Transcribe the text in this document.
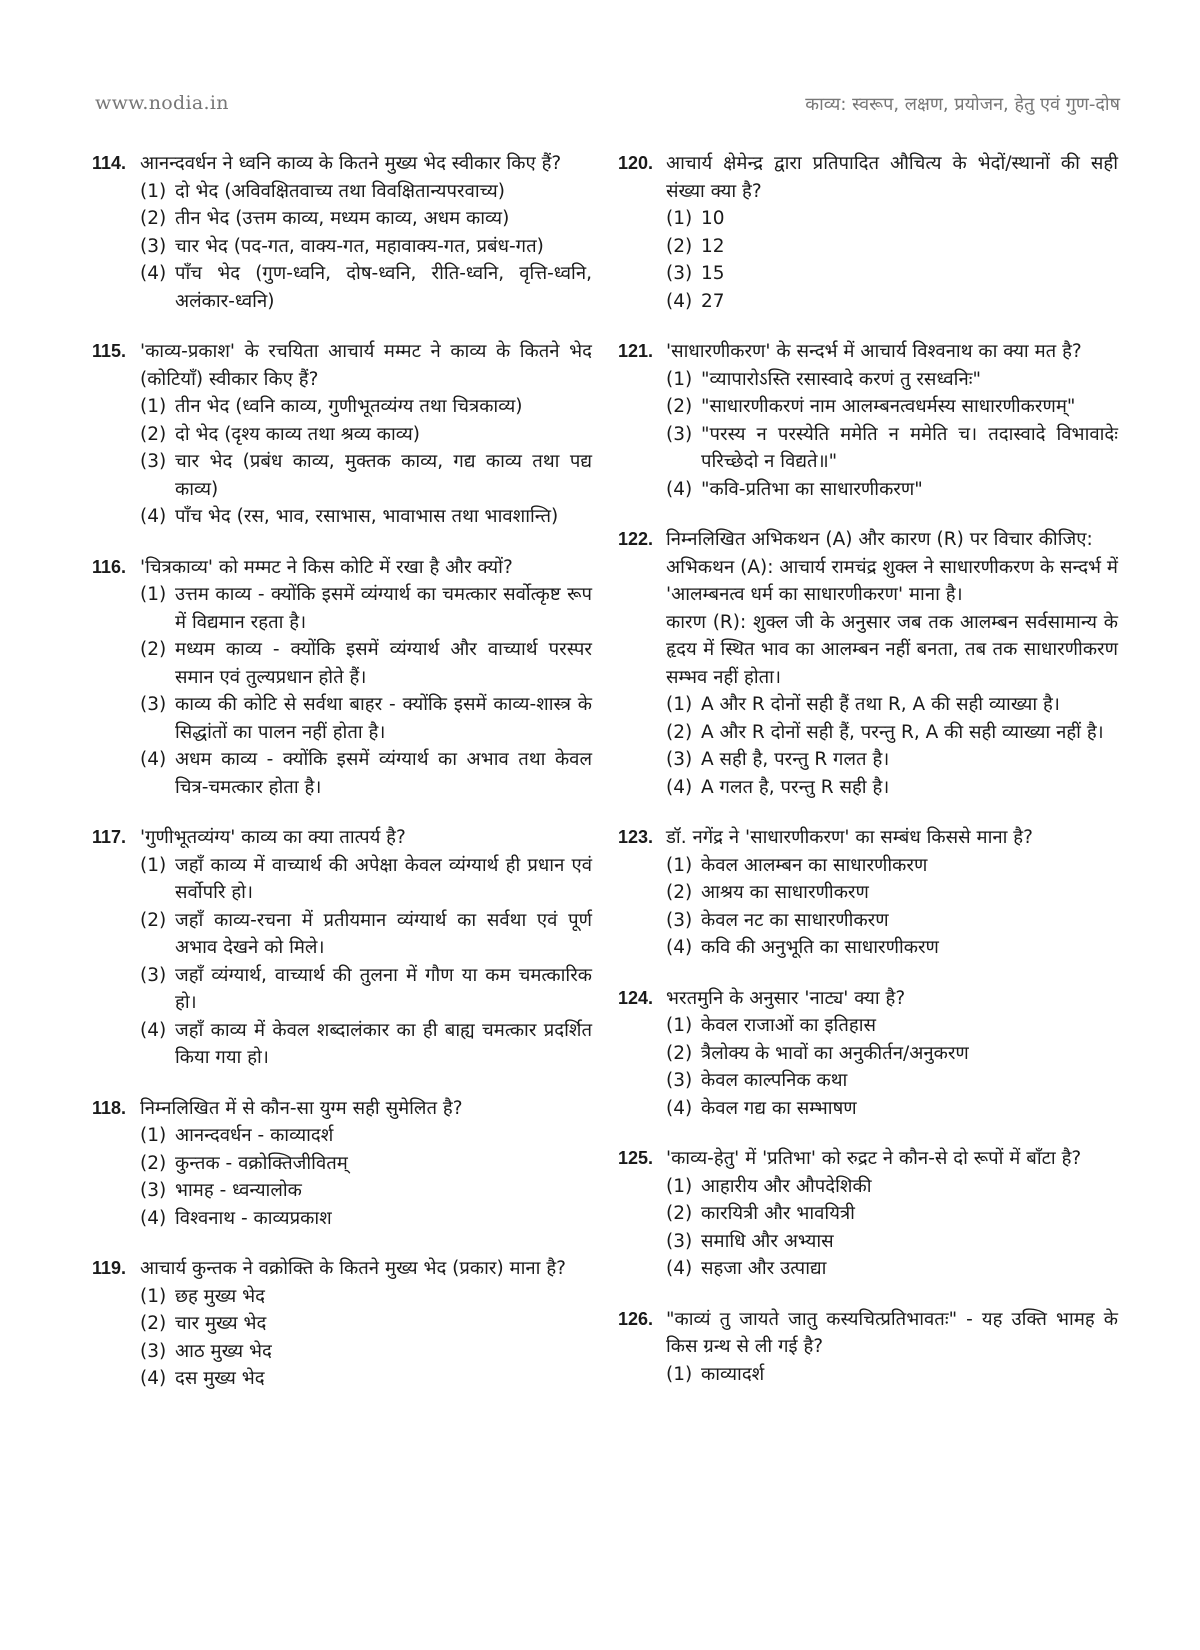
www.nodia.in	काव्य: स्वरूप, लक्षण, प्रयोजन, हेतु एवं गुण-दोष
114. आनन्दवर्धन ने ध्वनि काव्य के कितने मुख्य भेद स्वीकार किए हैं?
(1) दो भेद (अविवक्षितवाच्य तथा विवक्षितान्यपरवाच्य)
(2) तीन भेद (उत्तम काव्य, मध्यम काव्य, अधम काव्य)
(3) चार भेद (पद-गत, वाक्य-गत, महावाक्य-गत, प्रबंध-गत)
(4) पाँच भेद (गुण-ध्वनि, दोष-ध्वनि, रीति-ध्वनि, वृत्ति-ध्वनि, अलंकार-ध्वनि)
115. 'काव्य-प्रकाश' के रचयिता आचार्य मम्मट ने काव्य के कितने भेद (कोटियाँ) स्वीकार किए हैं?
(1) तीन भेद (ध्वनि काव्य, गुणीभूतव्यंग्य तथा चित्रकाव्य)
(2) दो भेद (दृश्य काव्य तथा श्रव्य काव्य)
(3) चार भेद (प्रबंध काव्य, मुक्तक काव्य, गद्य काव्य तथा पद्य काव्य)
(4) पाँच भेद (रस, भाव, रसाभास, भावाभास तथा भावशान्ति)
116. 'चित्रकाव्य' को मम्मट ने किस कोटि में रखा है और क्यों?
(1) उत्तम काव्य - क्योंकि इसमें व्यंग्यार्थ का चमत्कार सर्वोत्कृष्ट रूप में विद्यमान रहता है।
(2) मध्यम काव्य - क्योंकि इसमें व्यंग्यार्थ और वाच्यार्थ परस्पर समान एवं तुल्यप्रधान होते हैं।
(3) काव्य की कोटि से सर्वथा बाहर - क्योंकि इसमें काव्य-शास्त्र के सिद्धांतों का पालन नहीं होता है।
(4) अधम काव्य - क्योंकि इसमें व्यंग्यार्थ का अभाव तथा केवल चित्र-चमत्कार होता है।
117. 'गुणीभूतव्यंग्य' काव्य का क्या तात्पर्य है?
(1) जहाँ काव्य में वाच्यार्थ की अपेक्षा केवल व्यंग्यार्थ ही प्रधान एवं सर्वोपरि हो।
(2) जहाँ काव्य-रचना में प्रतीयमान व्यंग्यार्थ का सर्वथा एवं पूर्ण अभाव देखने को मिले।
(3) जहाँ व्यंग्यार्थ, वाच्यार्थ की तुलना में गौण या कम चमत्कारिक हो।
(4) जहाँ काव्य में केवल शब्दालंकार का ही बाह्य चमत्कार प्रदर्शित किया गया हो।
118. निम्नलिखित में से कौन-सा युग्म सही सुमेलित है?
(1) आनन्दवर्धन - काव्यादर्श
(2) कुन्तक - वक्रोक्तिजीवितम्
(3) भामह - ध्वन्यालोक
(4) विश्वनाथ - काव्यप्रकाश
119. आचार्य कुन्तक ने वक्रोक्ति के कितने मुख्य भेद (प्रकार) माना है?
(1) छह मुख्य भेद
(2) चार मुख्य भेद
(3) आठ मुख्य भेद
(4) दस मुख्य भेद
120. आचार्य क्षेमेन्द्र द्वारा प्रतिपादित औचित्य के भेदों/स्थानों की सही संख्या क्या है?
(1) 10
(2) 12
(3) 15
(4) 27
121. 'साधारणीकरण' के सन्दर्भ में आचार्य विश्वनाथ का क्या मत है?
(1) "व्यापारोऽस्ति रसास्वादे करणं तु रसध्वनिः"
(2) "साधारणीकरणं नाम आलम्बनत्वधर्मस्य साधारणीकरणम्"
(3) "परस्य न परस्येति ममेति न ममेति च। तदास्वादे विभावादेः परिच्छेदो न विद्यते॥"
(4) "कवि-प्रतिभा का साधारणीकरण"
122. निम्नलिखित अभिकथन (A) और कारण (R) पर विचार कीजिए:
अभिकथन (A): आचार्य रामचंद्र शुक्ल ने साधारणीकरण के सन्दर्भ में 'आलम्बनत्व धर्म का साधारणीकरण' माना है।
कारण (R): शुक्ल जी के अनुसार जब तक आलम्बन सर्वसामान्य के हृदय में स्थित भाव का आलम्बन नहीं बनता, तब तक साधारणीकरण सम्भव नहीं होता।
(1) A और R दोनों सही हैं तथा R, A की सही व्याख्या है।
(2) A और R दोनों सही हैं, परन्तु R, A की सही व्याख्या नहीं है।
(3) A सही है, परन्तु R गलत है।
(4) A गलत है, परन्तु R सही है।
123. डॉ. नगेंद्र ने 'साधारणीकरण' का सम्बंध किससे माना है?
(1) केवल आलम्बन का साधारणीकरण
(2) आश्रय का साधारणीकरण
(3) केवल नट का साधारणीकरण
(4) कवि की अनुभूति का साधारणीकरण
124. भरतमुनि के अनुसार 'नाट्य' क्या है?
(1) केवल राजाओं का इतिहास
(2) त्रैलोक्य के भावों का अनुकीर्तन/अनुकरण
(3) केवल काल्पनिक कथा
(4) केवल गद्य का सम्भाषण
125. 'काव्य-हेतु' में 'प्रतिभा' को रुद्रट ने कौन-से दो रूपों में बाँटा है?
(1) आहारीय और औपदेशिकी
(2) कारयित्री और भावयित्री
(3) समाधि और अभ्यास
(4) सहजा और उत्पाद्या
126. "काव्यं तु जायते जातु कस्यचित्प्रतिभावतः" - यह उक्ति भामह के किस ग्रन्थ से ली गई है?
(1) काव्यादर्श
